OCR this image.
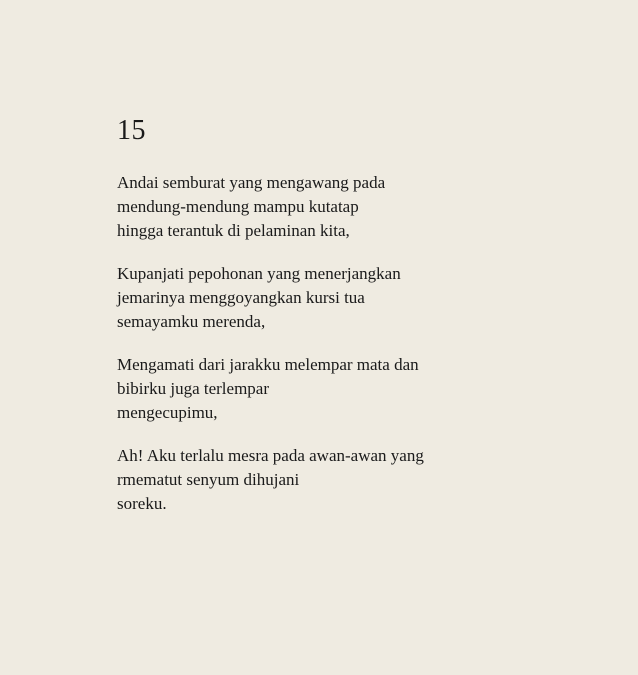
15
Andai semburat yang mengawang pada
mendung-mendung mampu kutatap
hingga terantuk di pelaminan kita,
Kupanjati pepohonan yang menerjangkan
jemarinya menggoyangkan kursi tua
semayamku merenda,
Mengamati dari jarakku melempar mata dan
bibirku juga terlempar
mengecupimu,
Ah! Aku terlalu mesra pada awan-awan yang
rmematut senyum dihujani
soreku.
